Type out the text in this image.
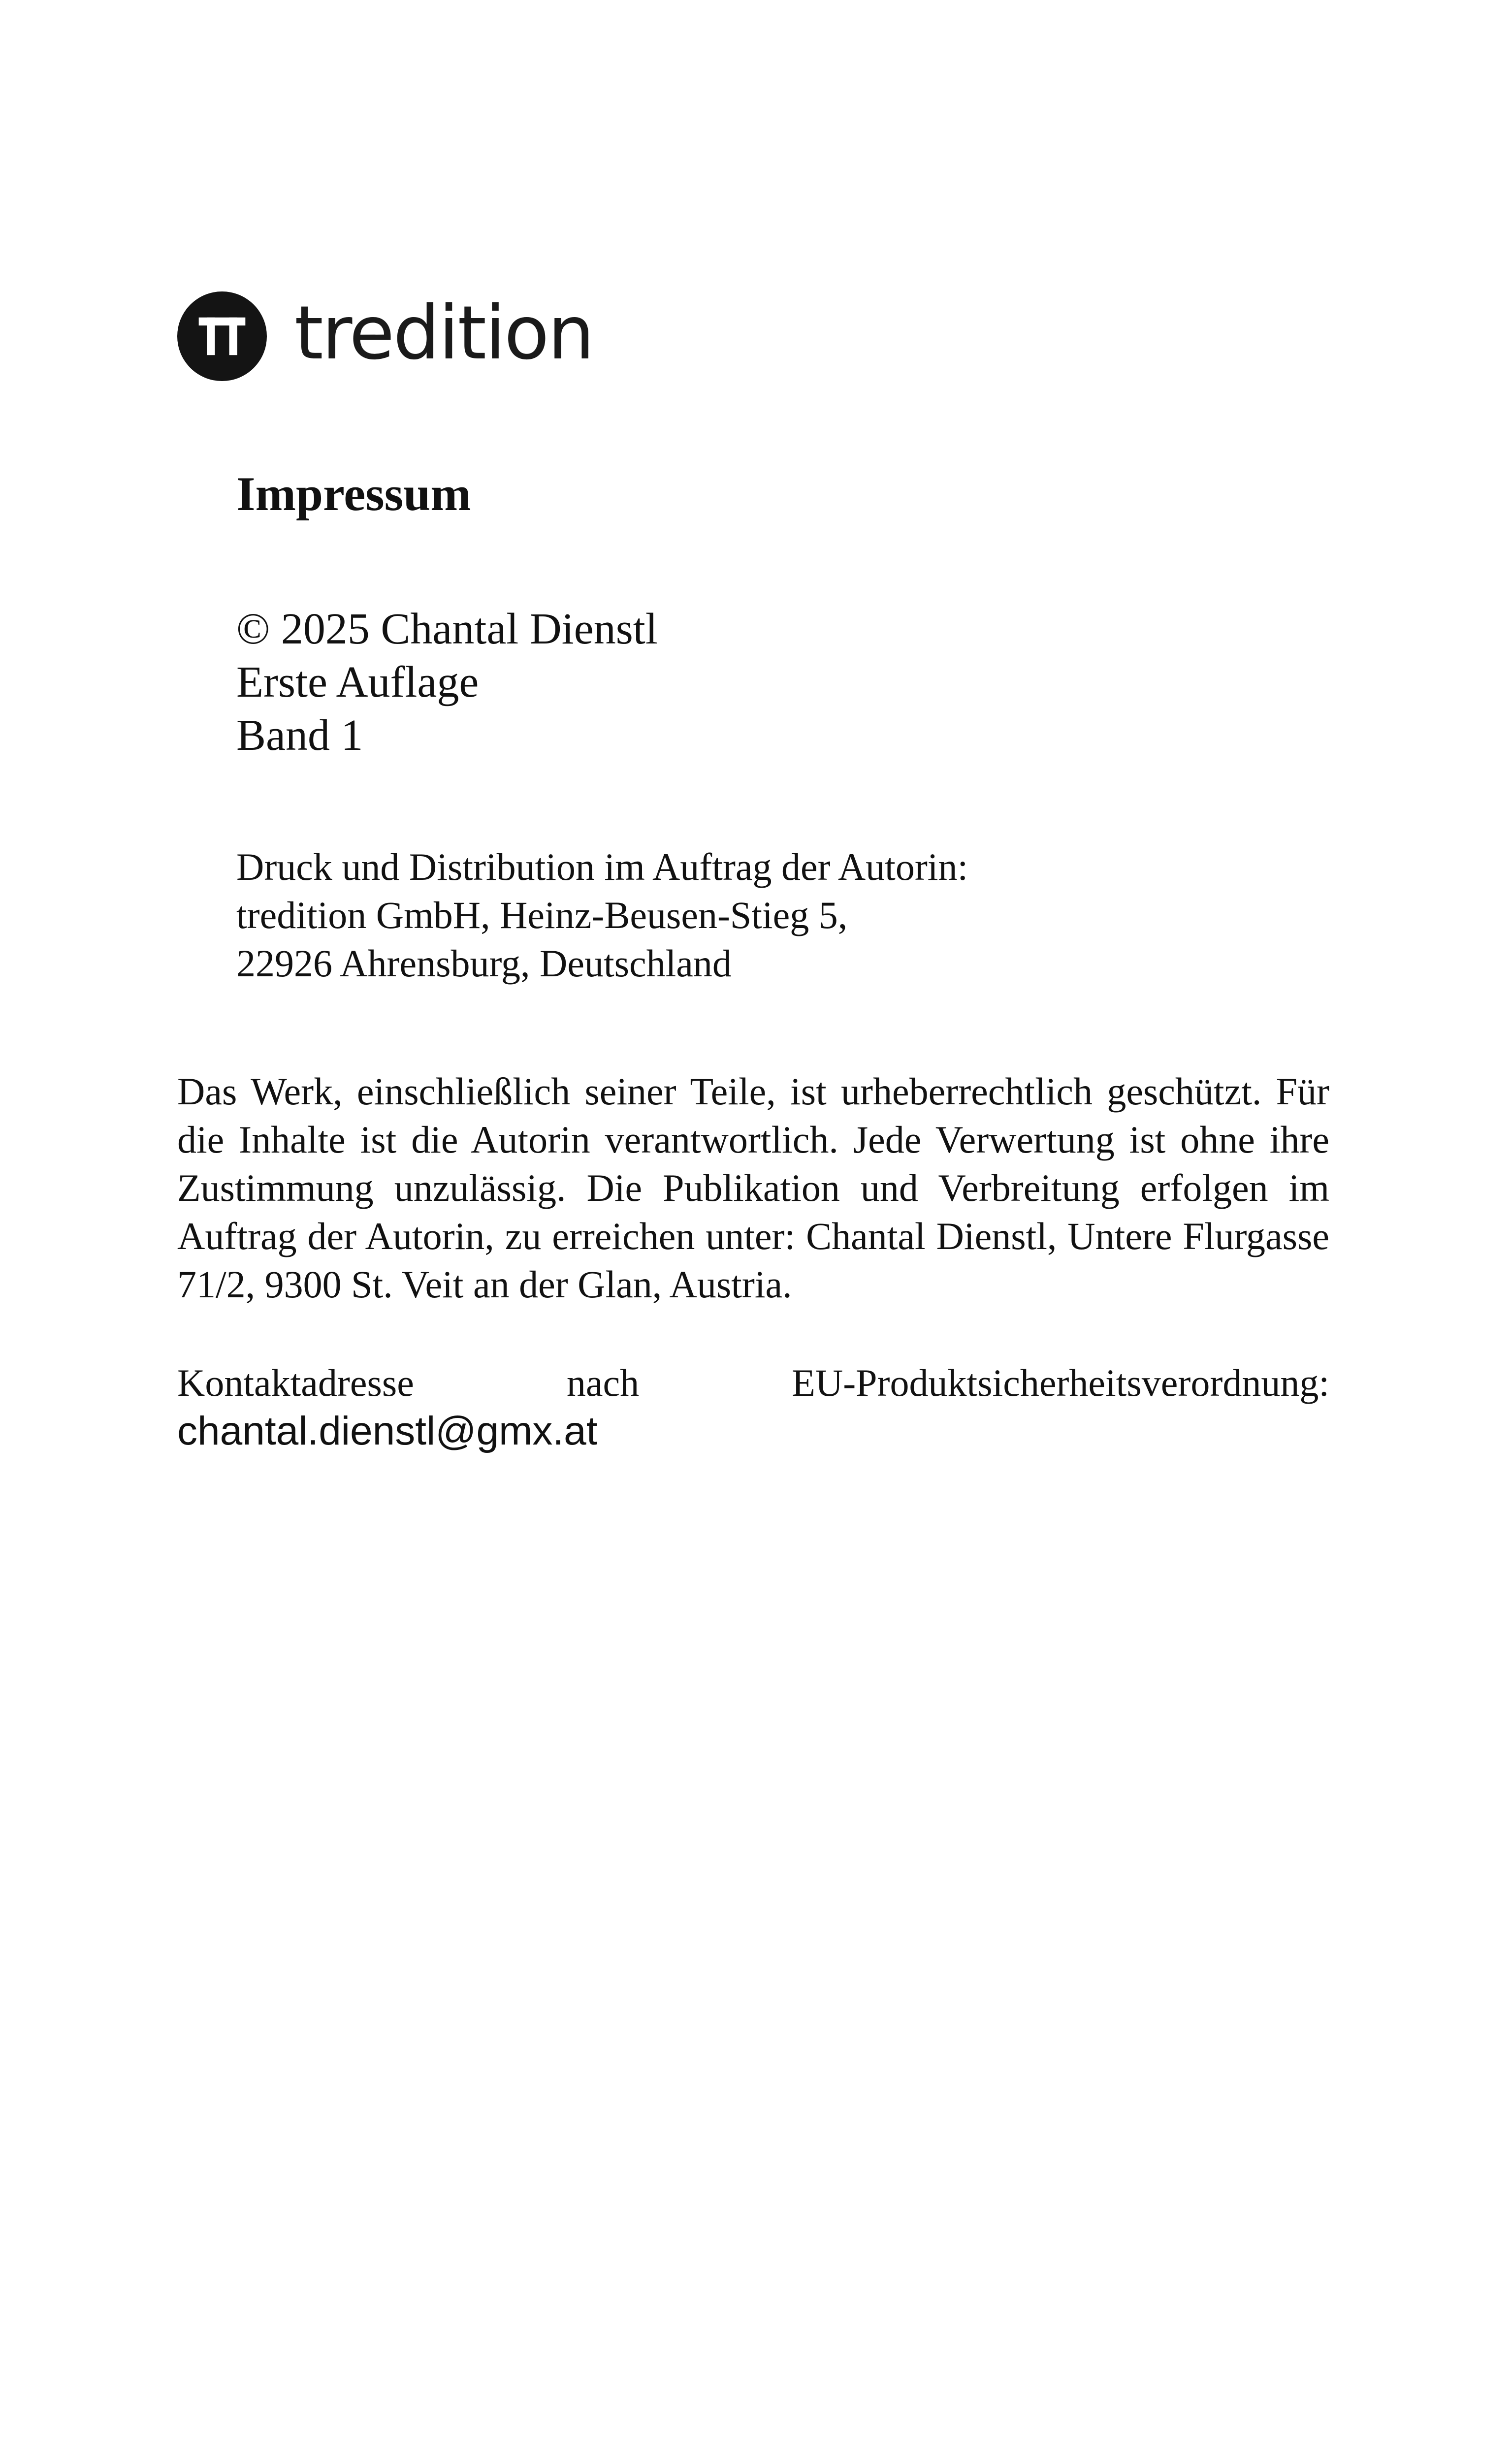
tredition
Impressum
© 2025 Chantal Dienstl
Erste Auflage
Band 1
Druck und Distribution im Auftrag der Autorin:
tredition GmbH, Heinz-Beusen-Stieg 5,
22926 Ahrensburg, Deutschland

Das Werk, einschließlich seiner Teile, ist urheberrechtlich geschützt. Für die Inhalte ist die Autorin verantwortlich. Jede Verwertung ist ohne ihre Zustimmung unzulässig. Die Publikation und Verbreitung erfolgen im Auftrag der Autorin, zu erreichen unter: Chantal Dienstl, Untere Flurgasse 71/2, 9300 St. Veit an der Glan, Austria.

Kontaktadresse nach EU-Produktsicherheitsverordnung: chantal.dienstl@gmx.at
